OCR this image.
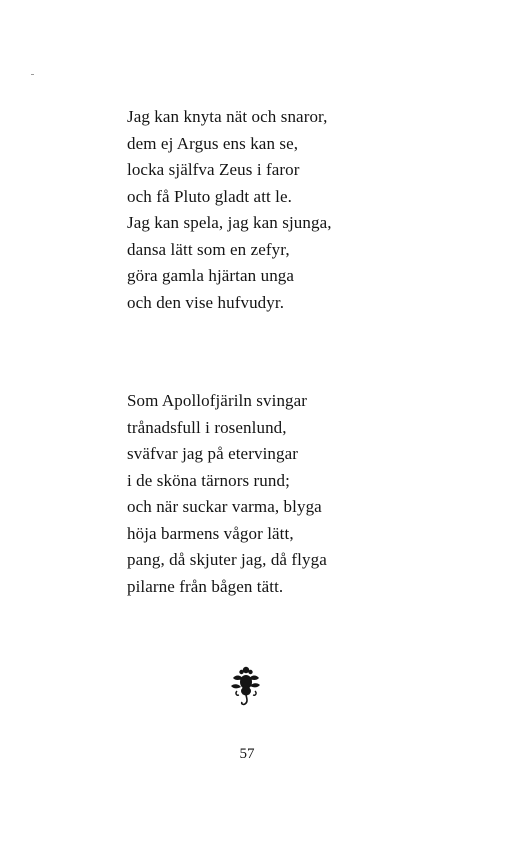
Jag kan knyta nät och snaror,
dem ej Argus ens kan se,
locka själfva Zeus i faror
och få Pluto gladt att le.
Jag kan spela, jag kan sjunga,
dansa lätt som en zefyr,
göra gamla hjärtan unga
och den vise hufvudyr.
Som Apollofjäriln svingar
trånadsfull i rosenlund,
sväfvar jag på etervingar
i de sköna tärnors rund;
och när suckar varma, blyga
höja barmens vågor lätt,
pang, då skjuter jag, då flyga
pilarne från bågen tätt.
57
